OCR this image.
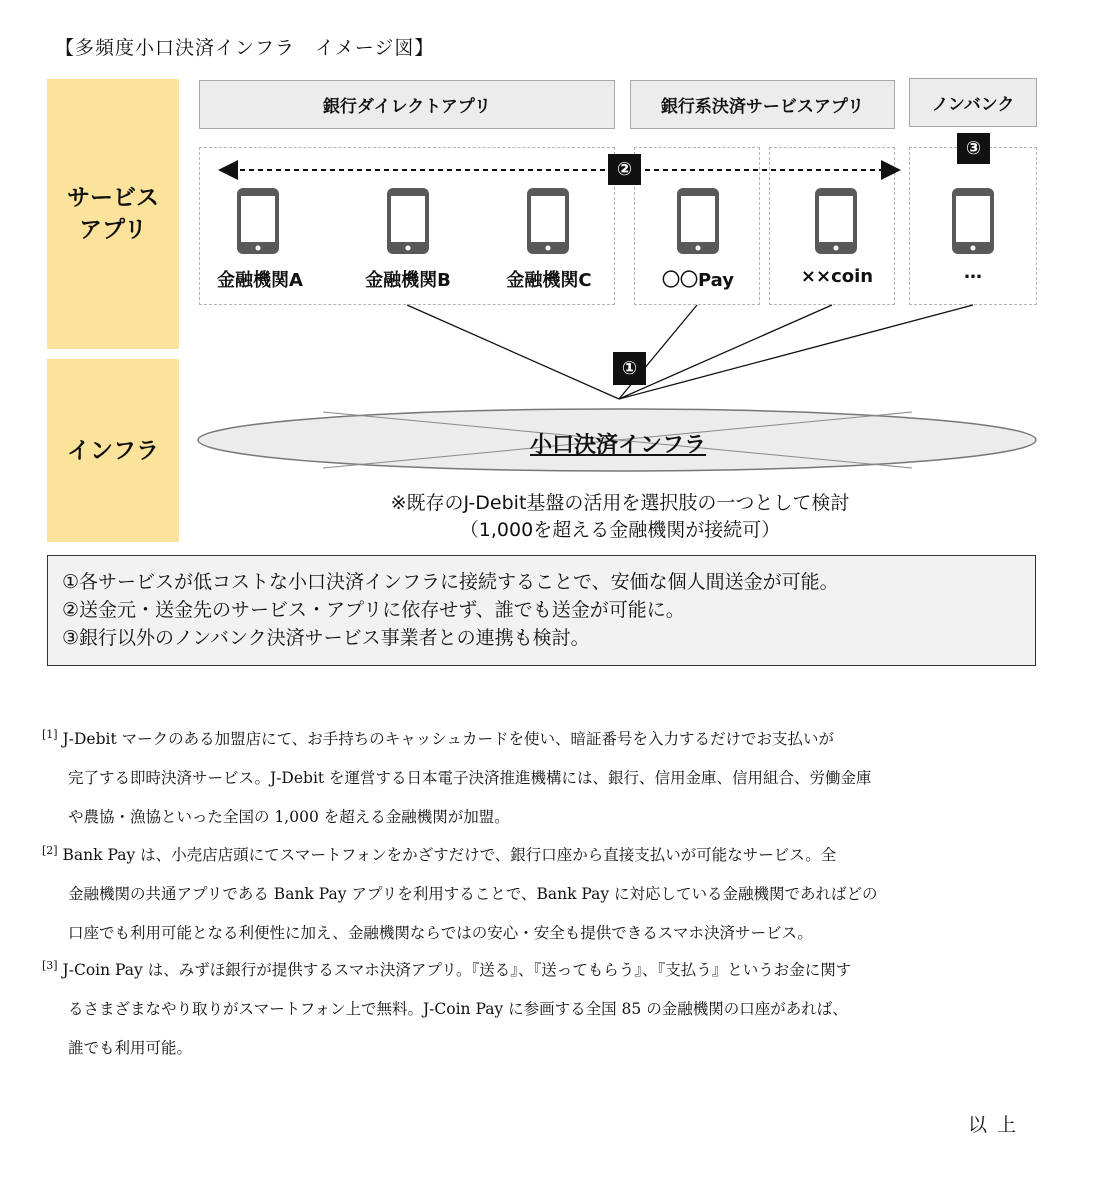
【多頻度小口決済インフラ　イメージ図】
サービス
アプリ
インフラ
銀行ダイレクトアプリ	銀行系決済サービスアプリ	ノンバンク
②
③
①
金融機関A	金融機関B	金融機関C	〇〇Pay	××coin	…
小口決済インフラ
※既存のJ-Debit基盤の活用を選択肢の一つとして検討
（1,000を超える金融機関が接続可）
①各サービスが低コストな小口決済インフラに接続することで、安価な個人間送金が可能。
②送金元・送金先のサービス・アプリに依存せず、誰でも送金が可能に。
③銀行以外のノンバンク決済サービス事業者との連携も検討。
[1] J-Debit マークのある加盟店にて、お手持ちのキャッシュカードを使い、暗証番号を入力するだけでお支払いが
完了する即時決済サービス。J-Debit を運営する日本電子決済推進機構には、銀行、信用金庫、信用組合、労働金庫
や農協・漁協といった全国の 1,000 を超える金融機関が加盟。
[2] Bank Pay は、小売店店頭にてスマートフォンをかざすだけで、銀行口座から直接支払いが可能なサービス。全
金融機関の共通アプリである Bank Pay アプリを利用することで、Bank Pay に対応している金融機関であればどの
口座でも利用可能となる利便性に加え、金融機関ならではの安心・安全も提供できるスマホ決済サービス。
[3] J-Coin Pay は、みずほ銀行が提供するスマホ決済アプリ。『送る』、『送ってもらう』、『支払う』というお金に関す
るさまざまなやり取りがスマートフォン上で無料。J-Coin Pay に参画する全国 85 の金融機関の口座があれば、
誰でも利用可能。
以上
